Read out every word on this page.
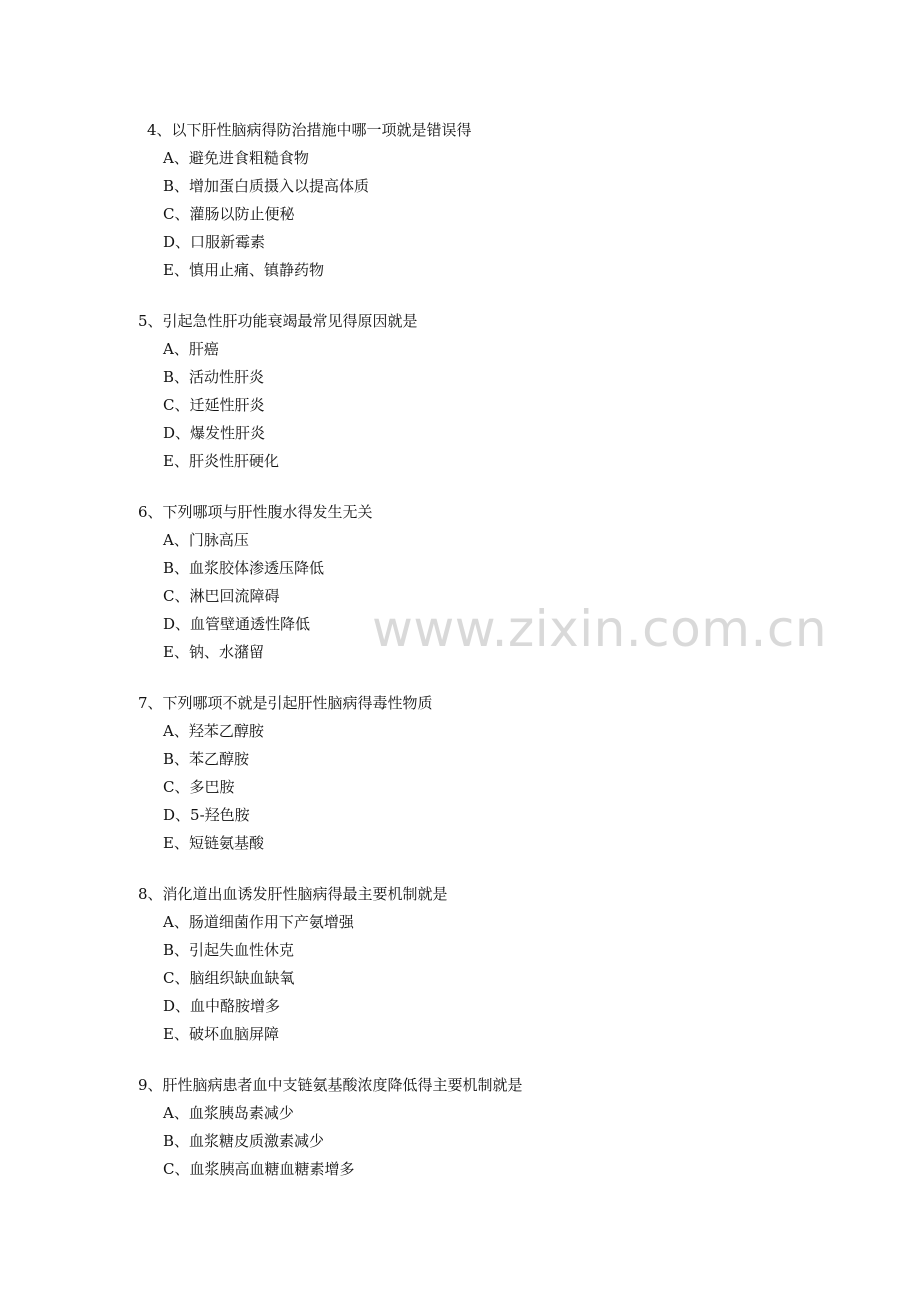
www.zixin.com.cn
4、以下肝性脑病得防治措施中哪一项就是错误得
A、避免进食粗糙食物
B、增加蛋白质摄入以提高体质
C、灌肠以防止便秘
D、口服新霉素
E、慎用止痛、镇静药物
5、引起急性肝功能衰竭最常见得原因就是
A、肝癌
B、活动性肝炎
C、迁延性肝炎
D、爆发性肝炎
E、肝炎性肝硬化
6、下列哪项与肝性腹水得发生无关
A、门脉高压
B、血浆胶体渗透压降低
C、淋巴回流障碍
D、血管壁通透性降低
E、钠、水潴留
7、下列哪项不就是引起肝性脑病得毒性物质
A、羟苯乙醇胺
B、苯乙醇胺
C、多巴胺
D、5-羟色胺
E、短链氨基酸
8、消化道出血诱发肝性脑病得最主要机制就是
A、肠道细菌作用下产氨增强
B、引起失血性休克
C、脑组织缺血缺氧
D、血中酪胺增多
E、破坏血脑屏障
9、肝性脑病患者血中支链氨基酸浓度降低得主要机制就是
A、血浆胰岛素减少
B、血浆糖皮质激素减少
C、血浆胰高血糖血糖素增多
